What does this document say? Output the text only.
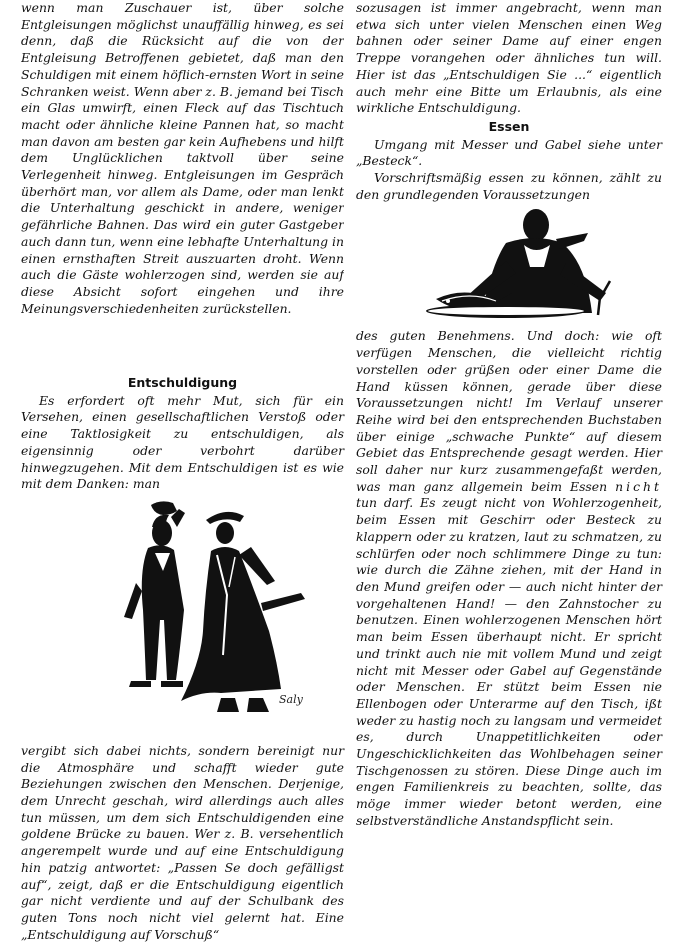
wenn man Zuschauer ist, über solche Entgleisungen möglichst unauffällig hinweg, es sei denn, daß die Rücksicht auf die von der Entgleisung Betroffenen gebietet, daß man den Schuldigen mit einem höflich-ernsten Wort in seine Schranken weist. Wenn aber z. B. jemand bei Tisch ein Glas umwirft, einen Fleck auf das Tischtuch macht oder ähnliche kleine Pannen hat, so macht man davon am besten gar kein Aufhebens und hilft dem Unglücklichen taktvoll über seine Verlegenheit hinweg. Entgleisungen im Gespräch überhört man, vor allem als Dame, oder man lenkt die Unterhaltung geschickt in andere, weniger gefährliche Bahnen. Das wird ein guter Gastgeber auch dann tun, wenn eine lebhafte Unterhaltung in einen ernsthaften Streit auszuarten droht. Wenn auch die Gäste wohlerzogen sind, werden sie auf diese Absicht sofort eingehen und ihre Meinungsverschiedenheiten zurückstellen.

Entschuldigung

Es erfordert oft mehr Mut, sich für ein Versehen, einen gesellschaftlichen Verstoß oder eine Taktlosigkeit zu entschuldigen, als eigensinnig oder verbohrt darüber hinwegzugehen. Mit dem Entschuldigen ist es wie mit dem Danken: man

Saly

vergibt sich dabei nichts, sondern bereinigt nur die Atmosphäre und schafft wieder gute Beziehungen zwischen den Menschen. Derjenige, dem Unrecht geschah, wird allerdings auch alles tun müssen, um dem sich Entschuldigenden eine goldene Brücke zu bauen. Wer z. B. versehentlich angerempelt wurde und auf eine Entschuldigung hin patzig antwortet: „Passen Se doch gefälligst auf“, zeigt, daß er die Entschuldigung eigentlich gar nicht verdiente und auf der Schulbank des guten Tons noch nicht viel gelernt hat. Eine „Entschuldigung auf Vorschuß“

sozusagen ist immer angebracht, wenn man etwa sich unter vielen Menschen einen Weg bahnen oder seiner Dame auf einer engen Treppe vorangehen oder ähnliches tun will. Hier ist das „Entschuldigen Sie ...“ eigentlich auch mehr eine Bitte um Erlaubnis, als eine wirkliche Entschuldigung.

Essen

Umgang mit Messer und Gabel siehe unter „Besteck“.

Vorschriftsmäßig essen zu können, zählt zu den grundlegenden Voraussetzungen

des guten Benehmens. Und doch: wie oft verfügen Menschen, die vielleicht richtig vorstellen oder grüßen oder einer Dame die Hand küssen können, gerade über diese Voraussetzungen nicht! Im Verlauf unserer Reihe wird bei den entsprechenden Buchstaben über einige „schwache Punkte“ auf diesem Gebiet das Entsprechende gesagt werden. Hier soll daher nur kurz zusammengefaßt werden, was man ganz allgemein beim Essen nicht tun darf. Es zeugt nicht von Wohlerzogenheit, beim Essen mit Geschirr oder Besteck zu klappern oder zu kratzen, laut zu schmatzen, zu schlürfen oder noch schlimmere Dinge zu tun: wie durch die Zähne ziehen, mit der Hand in den Mund greifen oder — auch nicht hinter der vorgehaltenen Hand! — den Zahnstocher zu benutzen. Einen wohlerzogenen Menschen hört man beim Essen überhaupt nicht. Er spricht und trinkt auch nie mit vollem Mund und zeigt nicht mit Messer oder Gabel auf Gegenstände oder Menschen. Er stützt beim Essen nie Ellenbogen oder Unterarme auf den Tisch, ißt weder zu hastig noch zu langsam und vermeidet es, durch Unappetitlichkeiten oder Ungeschicklichkeiten das Wohlbehagen seiner Tischgenossen zu stören. Diese Dinge auch im engen Familienkreis zu beachten, sollte, das möge immer wieder betont werden, eine selbstverständliche Anstandspflicht sein.
